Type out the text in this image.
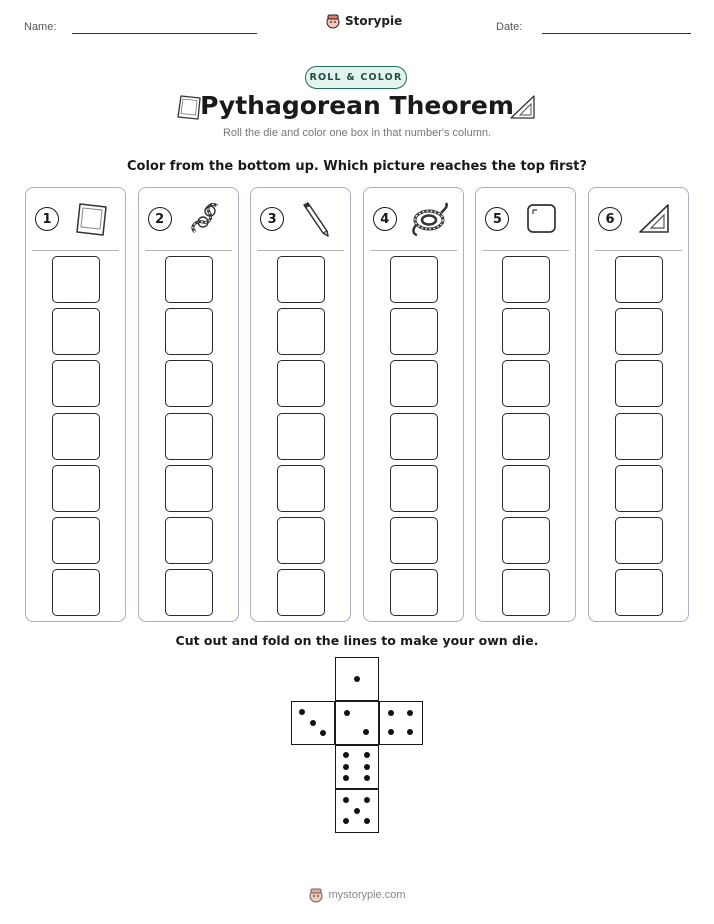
Name:	Storypie	Date:
ROLL & COLOR
Pythagorean Theorem
Roll the die and color one box in that number's column.
Color from the bottom up. Which picture reaches the top first?
1	2	3	4	5	6
Cut out and fold on the lines to make your own die.
mystorypie.com
